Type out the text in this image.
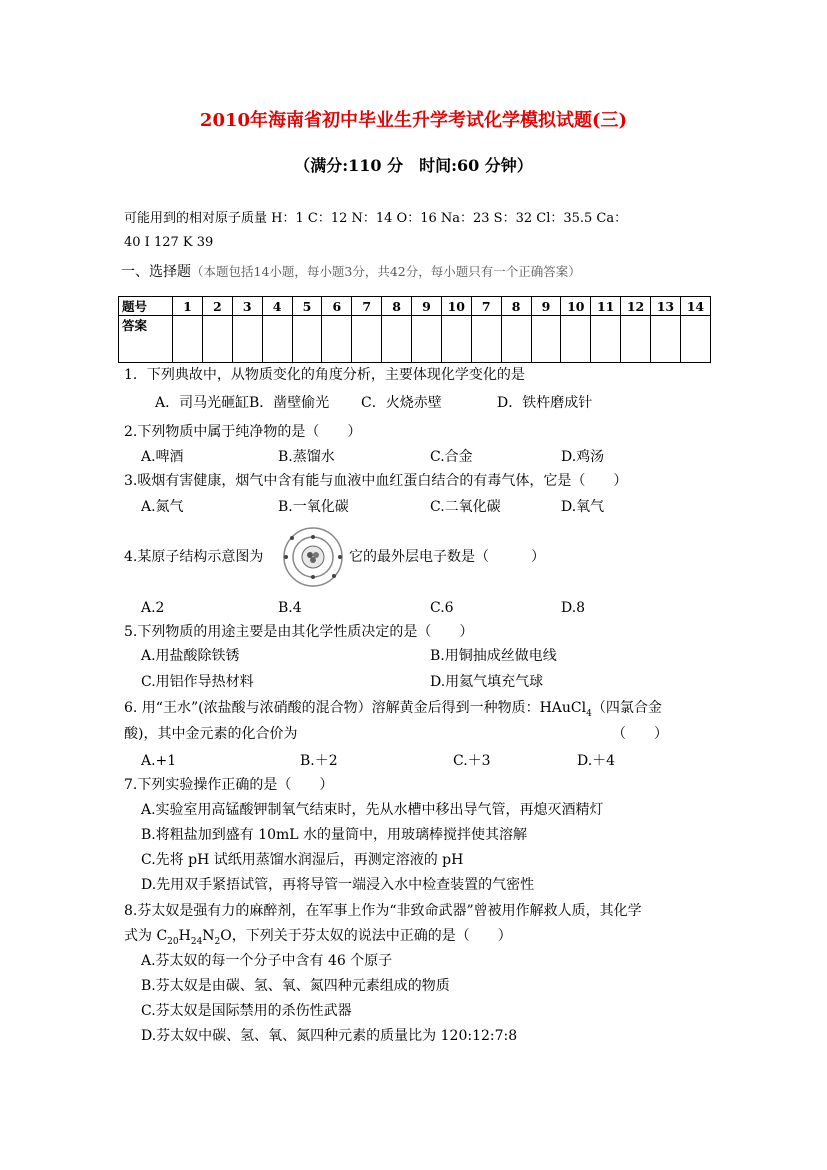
2010年海南省初中毕业生升学考试化学模拟试题(三)
（满分:110 分　时间:60 分钟）
可能用到的相对原子质量 H：1 C：12 N：14 O：16 Na：23 S：32 Cl：35.5 Ca：
40 I 127 K 39
一、选择题（本题包括14小题，每小题3分，共42分，每小题只有一个正确答案）
题号	1	2	3	4	5	6	7	8	9	10	7	8	9	10	11	12	13	14
答案																		
1．下列典故中，从物质变化的角度分析，主要体现化学变化的是
A．司马光砸缸 B．凿壁偷光 C．火烧赤壁	D．铁杵磨成针
2.下列物质中属于纯净物的是（　　）
A.啤酒	B.蒸馏水	C.合金	D.鸡汤
3.吸烟有害健康，烟气中含有能与血液中血红蛋白结合的有毒气体，它是（　　）
A.氮气	B.一氧化碳	C.二氧化碳	D.氧气
4.某原子结构示意图为	它的最外层电子数是（　　　）
A.2	B.4	C.6	D.8
5.下列物质的用途主要是由其化学性质决定的是（　　）
A.用盐酸除铁锈	B.用铜抽成丝做电线
C.用铝作导热材料	D.用氦气填充气球
6. 用“王水”(浓盐酸与浓硝酸的混合物）溶解黄金后得到一种物质：HAuCl$_4$（四氯合金
酸)，其中金元素的化合价为	（　　）
A.+1	B.＋2	C.＋3	D.＋4
7.下列实验操作正确的是（　　）
A.实验室用高锰酸钾制氧气结束时，先从水槽中移出导气管，再熄灭酒精灯
B.将粗盐加到盛有 10mL 水的量筒中，用玻璃棒搅拌使其溶解
C.先将 pH 试纸用蒸馏水润湿后，再测定溶液的 pH
D.先用双手紧捂试管，再将导管一端浸入水中检查装置的气密性
8.芬太奴是强有力的麻醉剂，在军事上作为“非致命武器”曾被用作解救人质，其化学
式为 $C_{20}H_{24}N_2O$，下列关于芬太奴的说法中正确的是（　　）
A.芬太奴的每一个分子中含有 46 个原子
B.芬太奴是由碳、氢、氧、氮四种元素组成的物质
C.芬太奴是国际禁用的杀伤性武器
D.芬太奴中碳、氢、氧、氮四种元素的质量比为 120:12:7:8
